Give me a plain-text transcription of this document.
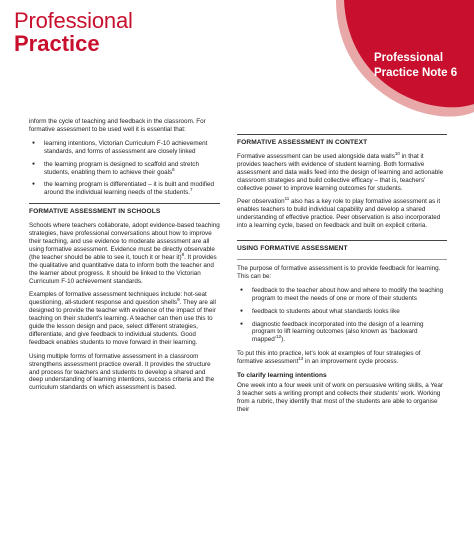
Professional
Practice
Professional
Practice Note 6

inform the cycle of teaching and feedback in the classroom. For formative assessment to be used well it is essential that:

● learning intentions, Victorian Curriculum F-10 achievement standards, and forms of assessment are closely linked
● the learning program is designed to scaffold and stretch students, enabling them to achieve their goals$^6$
● the learning program is differentiated – it is built and modified around the individual learning needs of the students.$^7$
FORMATIVE ASSESSMENT IN SCHOOLS

Schools where teachers collaborate, adopt evidence-based teaching strategies, have professional conversations about how to improve their teaching, and use evidence to moderate assessment are all using formative assessment. Evidence must be directly observable (the teacher should be able to see it, touch it or hear it)$^8$. It provides the qualitative and quantitative data to inform both the teacher and the learner about progress. It should be linked to the Victorian Curriculum F-10 achievement standards.

Examples of formative assessment techniques include: hot-seat questioning, all-student response and question shells$^9$. They are all designed to provide the teacher with evidence of the impact of their teaching on their student's learning. A teacher can then use this to guide the lesson design and pace, select different strategies, differentiate, and give feedback to individual students. Good feedback enables students to move forward in their learning.

Using multiple forms of formative assessment in a classroom strengthens assessment practice overall. It provides the structure and process for teachers and students to develop a shared and deep understanding of learning intentions, success criteria and the curriculum standards on which assessment is based.

FORMATIVE ASSESSMENT IN CONTEXT

Formative assessment can be used alongside data walls$^{10}$ in that it provides teachers with evidence of student learning. Both formative assessment and data walls feed into the design of learning and actionable classroom strategies and build collective efficacy – that is, teachers' collective power to improve learning outcomes for students.

Peer observation$^{11}$ also has a key role to play formative assessment as it enables teachers to build individual capability and develop a shared understanding of effective practice. Peer observation is also incorporated into a learning cycle, based on feedback and built on explicit criteria.

USING FORMATIVE ASSESSMENT

The purpose of formative assessment is to provide feedback for learning. This can be:

● feedback to the teacher about how and where to modify the teaching program to meet the needs of one or more of their students
● feedback to students about what standards looks like
● diagnostic feedback incorporated into the design of a learning program to lift learning outcomes (also known as ‘backward mapped’$^{12}$).

To put this into practice, let's look at examples of four strategies of formative assessment$^{13}$ in an improvement cycle process.

To clarify learning intentions

One week into a four week unit of work on persuasive writing skills, a Year 3 teacher sets a writing prompt and collects their students' work. Working from a rubric, they identify that most of the students are able to organise their
